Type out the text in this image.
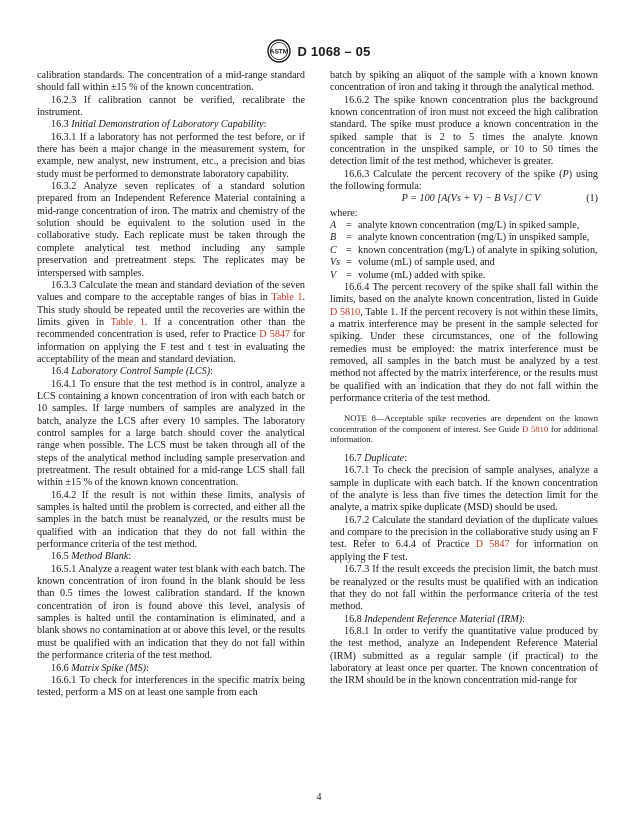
ASTM D 1068 – 05

calibration standards. The concentration of a mid-range standard should fall within ±15 % of the known concentration.

16.2.3 If calibration cannot be verified, recalibrate the instrument.

16.3 Initial Demonstration of Laboratory Capability:

16.3.1 If a laboratory has not performed the test before, or if there has been a major change in the measurement system, for example, new analyst, new instrument, etc., a precision and bias study must be performed to demonstrate laboratory capability.

16.3.2 Analyze seven replicates of a standard solution prepared from an Independent Reference Material containing a mid-range concentration of iron. The matrix and chemistry of the solution should be equivalent to the solution used in the collaborative study. Each replicate must be taken through the complete analytical test method including any sample preservation and pretreatment steps. The replicates may be interspersed with samples.

16.3.3 Calculate the mean and standard deviation of the seven values and compare to the acceptable ranges of bias in Table 1. This study should be repeated until the recoveries are within the limits given in Table 1. If a concentration other than the recommended concentration is used, refer to Practice D 5847 for information on applying the F test and t test in evaluating the acceptability of the mean and standard deviation.

16.4 Laboratory Control Sample (LCS):

16.4.1 To ensure that the test method is in control, analyze a LCS containing a known concentration of iron with each batch or 10 samples. If large numbers of samples are analyzed in the batch, analyze the LCS after every 10 samples. The laboratory control samples for a large batch should cover the analytical range when possible. The LCS must be taken through all of the steps of the analytical method including sample preservation and pretreatment. The result obtained for a mid-range LCS shall fall within ±15 % of the known known concentration.

16.4.2 If the result is not within these limits, analysis of samples is halted until the problem is corrected, and either all the samples in the batch must be reanalyzed, or the results must be qualified with an indication that they do not fall within the performance criteria of the test method.

16.5 Method Blank:

16.5.1 Analyze a reagent water test blank with each batch. The known concentration of iron found in the blank should be less than 0.5 times the lowest calibration standard. If the known concentration of iron is found above this level, analysis of samples is halted until the contamination is eliminated, and a blank shows no contamination at or above this level, or the results must be qualified with an indication that they do not fall within the performance criteria of the test method.

16.6 Matrix Spike (MS):

16.6.1 To check for interferences in the specific matrix being tested, perform a MS on at least one sample from each

batch by spiking an aliquot of the sample with a known known concentration of iron and taking it through the analytical method.

16.6.2 The spike known concentration plus the background known concentration of iron must not exceed the high calibration standard. The spike must produce a known concentration in the spiked sample that is 2 to 5 times the analyte known concentration in the unspiked sample, or 10 to 50 times the detection limit of the test method, whichever is greater.

16.6.3 Calculate the percent recovery of the spike (P) using the following formula:

P = 100 [A(Vs + V) − B Vs] / C V	(1)

where:

A = analyte known concentration (mg/L) in spiked sample,
B = analyte known concentration (mg/L) in unspiked sample,
C = known concentration (mg/L) of analyte in spiking solution,
Vs = volume (mL) of sample used, and
V = volume (mL) added with spike.

16.6.4 The percent recovery of the spike shall fall within the limits, based on the analyte known concentration, listed in Guide D 5810, Table 1. If the percent recovery is not within these limits, a matrix interference may be present in the sample selected for spiking. Under these circumstances, one of the following remedies must be employed: the matrix interference must be removed, all samples in the batch must be analyzed by a test method not affected by the matrix interference, or the results must be qualified with an indication that they do not fall within the performance criteria of the test method.

NOTE 8—Acceptable spike recoveries are dependent on the known concentration of the component of interest. See Guide D 5810 for additional information.

16.7 Duplicate:

16.7.1 To check the precision of sample analyses, analyze a sample in duplicate with each batch. If the known concentration of the analyte is less than five times the detection limit for the analyte, a matrix spike duplicate (MSD) should be used.

16.7.2 Calculate the standard deviation of the duplicate values and compare to the precision in the collaborative study using an F test. Refer to 6.4.4 of Practice D 5847 for information on applying the F test.

16.7.3 If the result exceeds the precision limit, the batch must be reanalyzed or the results must be qualified with an indication that they do not fall within the performance criteria of the test method.

16.8 Independent Reference Material (IRM):

16.8.1 In order to verify the quantitative value produced by the test method, analyze an Independent Reference Material (IRM) submitted as a regular sample (if practical) to the laboratory at least once per quarter. The known concentration of the IRM should be in the known concentration mid-range for

4
